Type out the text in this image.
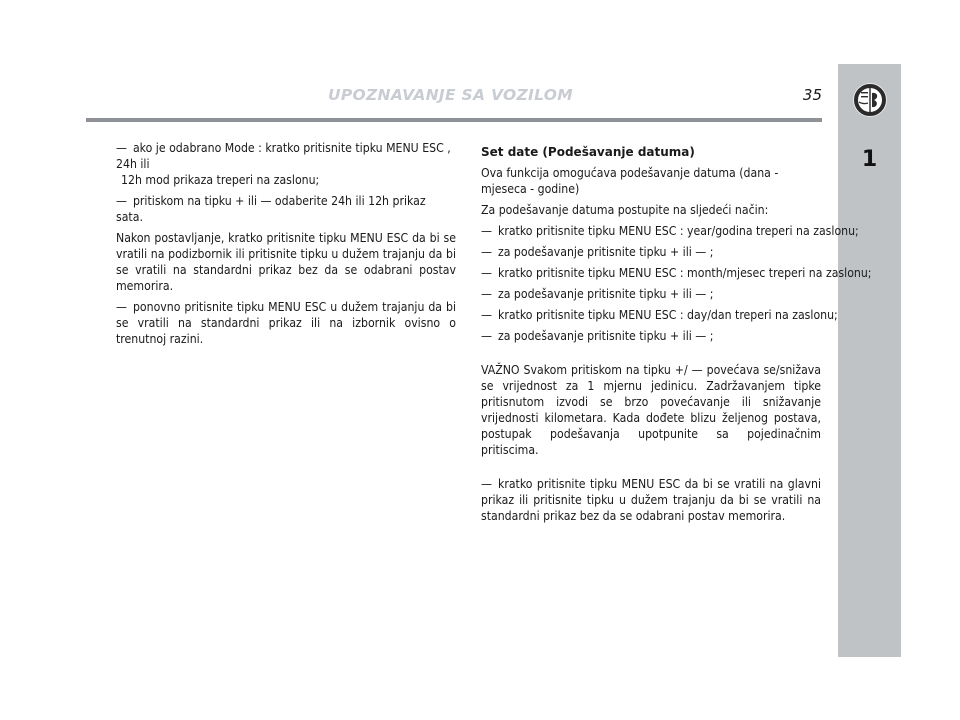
UPOZNAVANJE SA VOZILOM	35
1

— ako je odabrano Mode : kratko pritisnite tipku MENU ESC , 24h ili
12h mod prikaza treperi na zaslonu;

— pritiskom na tipku + ili — odaberite 24h ili 12h prikaz sata.

Nakon postavljanje, kratko pritisnite tipku MENU ESC da bi se vratili na podizbornik ili pritisnite tipku u dužem trajanju da bi se vratili na standardni prikaz bez da se odabrani postav memorira.

— ponovno pritisnite tipku MENU ESC u dužem trajanju da bi se vratili na standardni prikaz ili na izbornik ovisno o trenutnoj razini.

Set date (Podešavanje datuma)

Ova funkcija omogućava podešavanje datuma (dana - mjeseca - godine)

Za podešavanje datuma postupite na sljedeći način:

— kratko pritisnite tipku MENU ESC : year/godina treperi na zaslonu;

— za podešavanje pritisnite tipku + ili — ;

— kratko pritisnite tipku MENU ESC : month/mjesec treperi na zaslonu;

— za podešavanje pritisnite tipku + ili — ;

— kratko pritisnite tipku MENU ESC : day/dan treperi na zaslonu;

— za podešavanje pritisnite tipku + ili — ;

VAŽNO Svakom pritiskom na tipku +/ — povećava se/snižava se vrijednost za 1 mjernu jedinicu. Zadržavanjem tipke pritisnutom izvodi se brzo povećavanje ili snižavanje vrijednosti kilometara. Kada dođete blizu željenog postava, postupak podešavanja upotpunite sa pojedinačnim pritiscima.

— kratko pritisnite tipku MENU ESC da bi se vratili na glavni prikaz ili pritisnite tipku u dužem trajanju da bi se vratili na standardni prikaz bez da se odabrani postav memorira.
